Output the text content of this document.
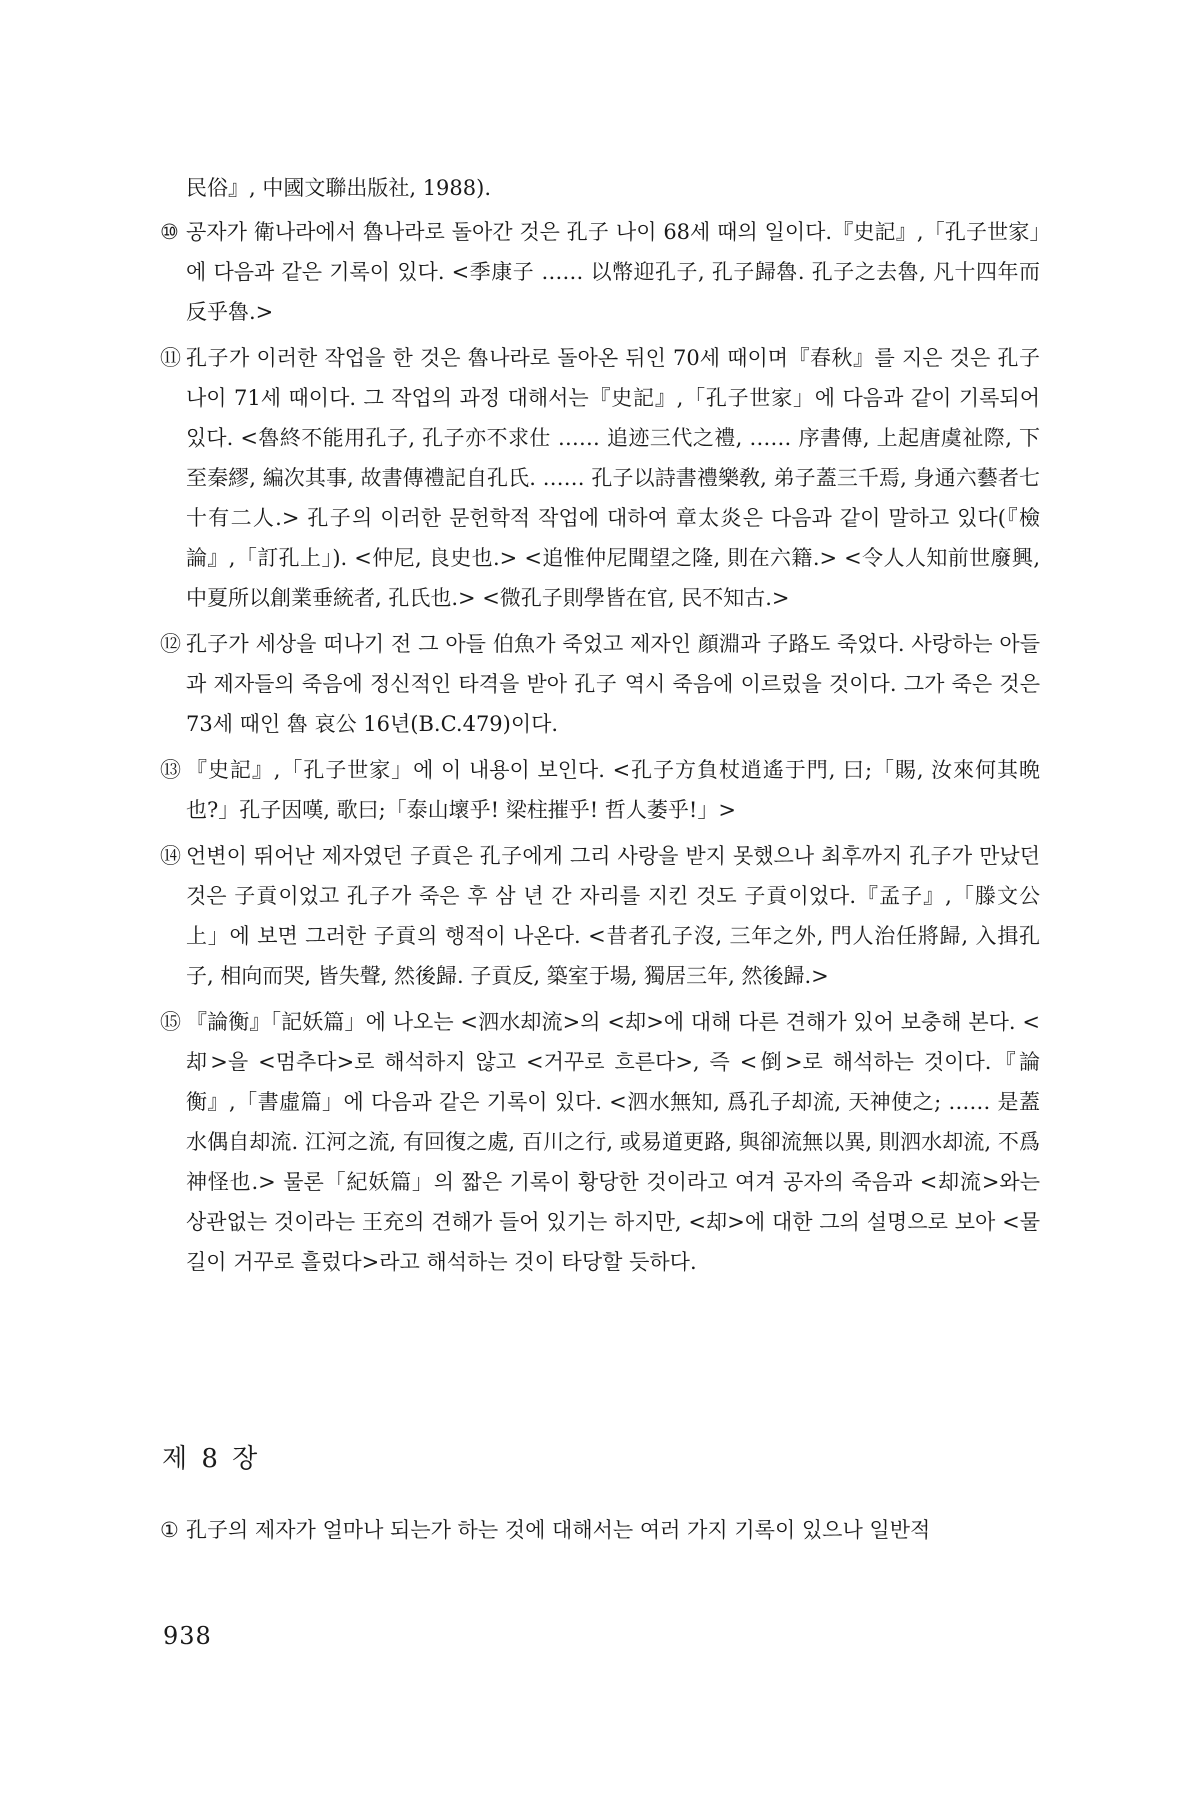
民俗』, 中國文聯出版社, 1988).

⑩ 공자가 衛나라에서 魯나라로 돌아간 것은 孔子 나이 68세 때의 일이다.『史記』,「孔子世家」에 다음과 같은 기록이 있다. <季康子 …… 以幣迎孔子, 孔子歸魯. 孔子之去魯, 凡十四年而反乎魯.>
⑪ 孔子가 이러한 작업을 한 것은 魯나라로 돌아온 뒤인 70세 때이며『春秋』를 지은 것은 孔子 나이 71세 때이다. 그 작업의 과정 대해서는『史記』,「孔子世家」에 다음과 같이 기록되어 있다. <魯終不能用孔子, 孔子亦不求仕 …… 追迹三代之禮, …… 序書傳, 上起唐虞祉際, 下至秦繆, 編次其事, 故書傳禮記自孔氏. …… 孔子以詩書禮樂敎, 弟子蓋三千焉, 身通六藝者七十有二人.> 孔子의 이러한 문헌학적 작업에 대하여 章太炎은 다음과 같이 말하고 있다(『檢論』,「訂孔上」). <仲尼, 良史也.> <追惟仲尼聞望之隆, 則在六籍.> <令人人知前世廢興, 中夏所以創業垂統者, 孔氏也.> <微孔子則學皆在官, 民不知古.>
⑫ 孔子가 세상을 떠나기 전 그 아들 伯魚가 죽었고 제자인 顔淵과 子路도 죽었다. 사랑하는 아들과 제자들의 죽음에 정신적인 타격을 받아 孔子 역시 죽음에 이르렀을 것이다. 그가 죽은 것은 73세 때인 魯 哀公 16년(B.C.479)이다.
⑬ 『史記』,「孔子世家」에 이 내용이 보인다. <孔子方負杖逍遙于門, 曰;「賜, 汝來何其晩也?」孔子因嘆, 歌曰;「泰山壞乎! 梁柱摧乎! 哲人萎乎!」>
⑭ 언변이 뛰어난 제자였던 子貢은 孔子에게 그리 사랑을 받지 못했으나 최후까지 孔子가 만났던 것은 子貢이었고 孔子가 죽은 후 삼 년 간 자리를 지킨 것도 子貢이었다.『孟子』,「滕文公上」에 보면 그러한 子貢의 행적이 나온다. <昔者孔子沒, 三年之外, 門人治任將歸, 入揖孔子, 相向而哭, 皆失聲, 然後歸. 子貢反, 築室于場, 獨居三年, 然後歸.>
⑮ 『論衡』「記妖篇」에 나오는 <泗水却流>의 <却>에 대해 다른 견해가 있어 보충해 본다. <却>을 <멈추다>로 해석하지 않고 <거꾸로 흐른다>, 즉 <倒>로 해석하는 것이다.『論衡』,「書虛篇」에 다음과 같은 기록이 있다. <泗水無知, 爲孔子却流, 天神使之; …… 是蓋水偶自却流. 江河之流, 有回復之處, 百川之行, 或易道更路, 與卻流無以異, 則泗水却流, 不爲神怪也.> 물론「紀妖篇」의 짧은 기록이 황당한 것이라고 여겨 공자의 죽음과 <却流>와는 상관없는 것이라는 王充의 견해가 들어 있기는 하지만, <却>에 대한 그의 설명으로 보아 <물길이 거꾸로 흘렀다>라고 해석하는 것이 타당할 듯하다.
제 8 장
① 孔子의 제자가 얼마나 되는가 하는 것에 대해서는 여러 가지 기록이 있으나 일반적
938
